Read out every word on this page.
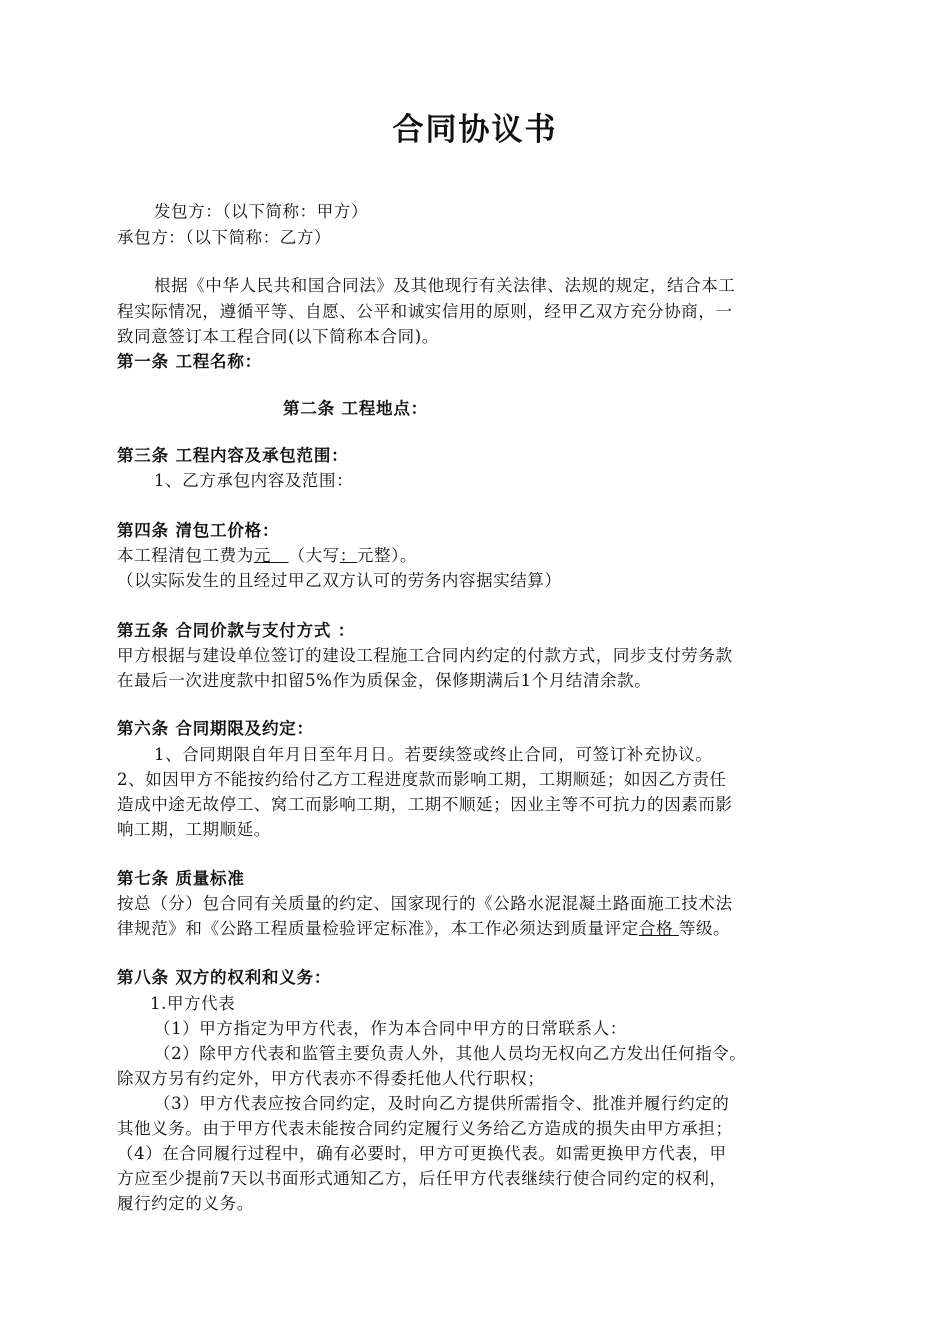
合同协议书
发包方：（以下简称：甲方）
承包方：（以下简称：乙方）
根据《中华人民共和国合同法》及其他现行有关法律、法规的规定，结合本工
程实际情况，遵循平等、自愿、公平和诚实信用的原则，经甲乙双方充分协商，一
致同意签订本工程合同(以下简称本合同)。
第一条 工程名称：
第二条 工程地点：
第三条 工程内容及承包范围：
1、乙方承包内容及范围：
第四条 清包工价格：
本工程清包工费为元 （大写：元整）。
（以实际发生的且经过甲乙双方认可的劳务内容据实结算）
第五条 合同价款与支付方式 ：
甲方根据与建设单位签订的建设工程施工合同内约定的付款方式，同步支付劳务款
在最后一次进度款中扣留5%作为质保金，保修期满后1个月结清余款。
第六条 合同期限及约定：
1、合同期限自年月日至年月日。若要续签或终止合同，可签订补充协议。
2、如因甲方不能按约给付乙方工程进度款而影响工期，工期顺延；如因乙方责任
造成中途无故停工、窝工而影响工期，工期不顺延；因业主等不可抗力的因素而影
响工期，工期顺延。
第七条 质量标准
按总（分）包合同有关质量的约定、国家现行的《公路水泥混凝土路面施工技术法
律规范》和《公路工程质量检验评定标准》，本工作必须达到质量评定合格 等级。
第八条 双方的权利和义务：
1.甲方代表
（1）甲方指定为甲方代表，作为本合同中甲方的日常联系人：
（2）除甲方代表和监管主要负责人外，其他人员均无权向乙方发出任何指令。
除双方另有约定外，甲方代表亦不得委托他人代行职权；
（3）甲方代表应按合同约定，及时向乙方提供所需指令、批准并履行约定的
其他义务。由于甲方代表未能按合同约定履行义务给乙方造成的损失由甲方承担；
（4）在合同履行过程中，确有必要时，甲方可更换代表。如需更换甲方代表，甲
方应至少提前7天以书面形式通知乙方，后任甲方代表继续行使合同约定的权利，
履行约定的义务。
